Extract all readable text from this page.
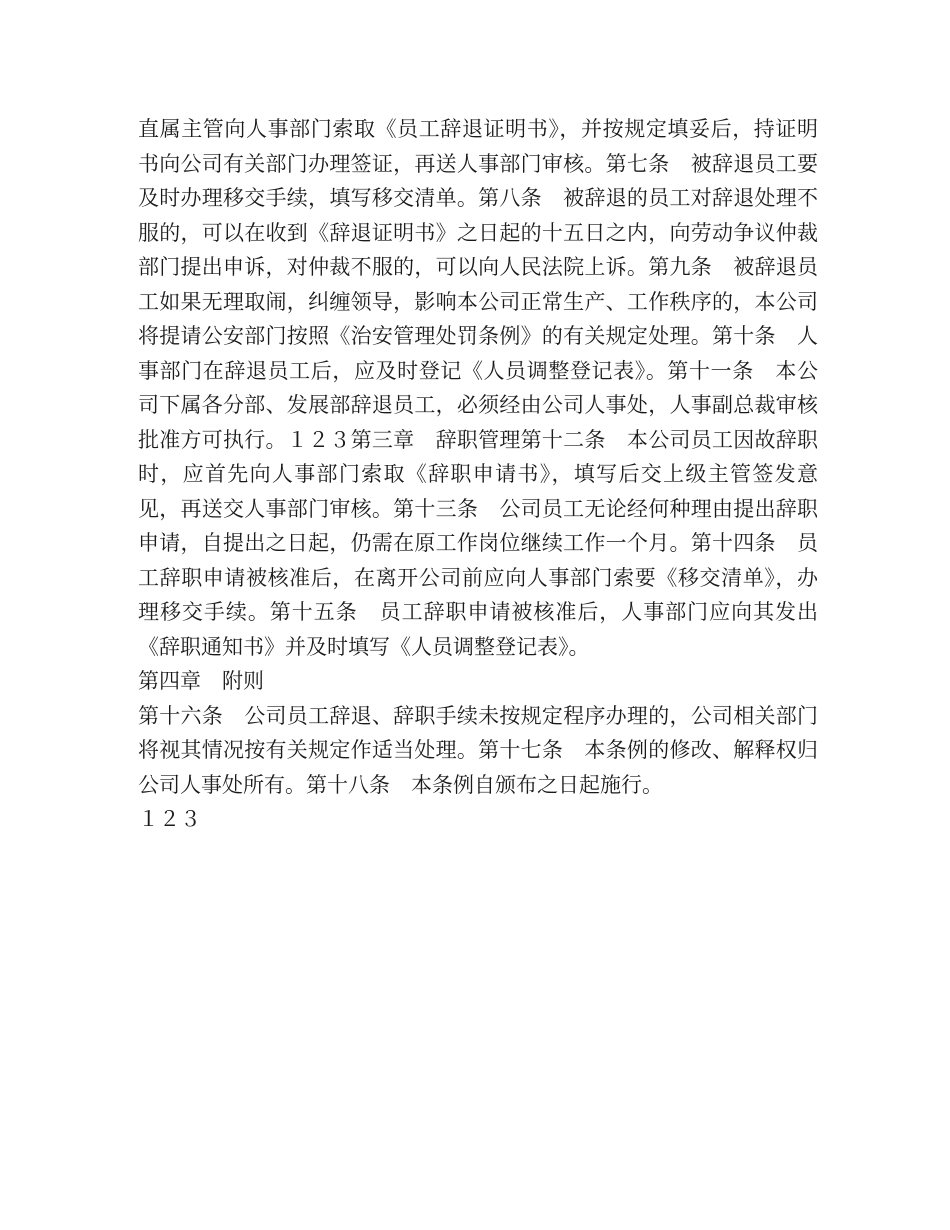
直属主管向人事部门索取《员工辞退证明书》，并按规定填妥后，持证明书向公司有关部门办理签证，再送人事部门审核。第七条　被辞退员工要及时办理移交手续，填写移交清单。第八条　被辞退的员工对辞退处理不服的，可以在收到《辞退证明书》之日起的十五日之内，向劳动争议仲裁部门提出申诉，对仲裁不服的，可以向人民法院上诉。第九条　被辞退员工如果无理取闹，纠缠领导，影响本公司正常生产、工作秩序的，本公司将提请公安部门按照《治安管理处罚条例》的有关规定处理。第十条　人事部门在辞退员工后，应及时登记《人员调整登记表》。第十一条　本公司下属各分部、发展部辞退员工，必须经由公司人事处，人事副总裁审核批准方可执行。１２３第三章　辞职管理第十二条　本公司员工因故辞职时，应首先向人事部门索取《辞职申请书》，填写后交上级主管签发意见，再送交人事部门审核。第十三条　公司员工无论经何种理由提出辞职申请，自提出之日起，仍需在原工作岗位继续工作一个月。第十四条　员工辞职申请被核准后，在离开公司前应向人事部门索要《移交清单》，办理移交手续。第十五条　员工辞职申请被核准后，人事部门应向其发出《辞职通知书》并及时填写《人员调整登记表》。

第四章　附则

第十六条　公司员工辞退、辞职手续未按规定程序办理的，公司相关部门将视其情况按有关规定作适当处理。第十七条　本条例的修改、解释权归公司人事处所有。第十八条　本条例自颁布之日起施行。

１２３
